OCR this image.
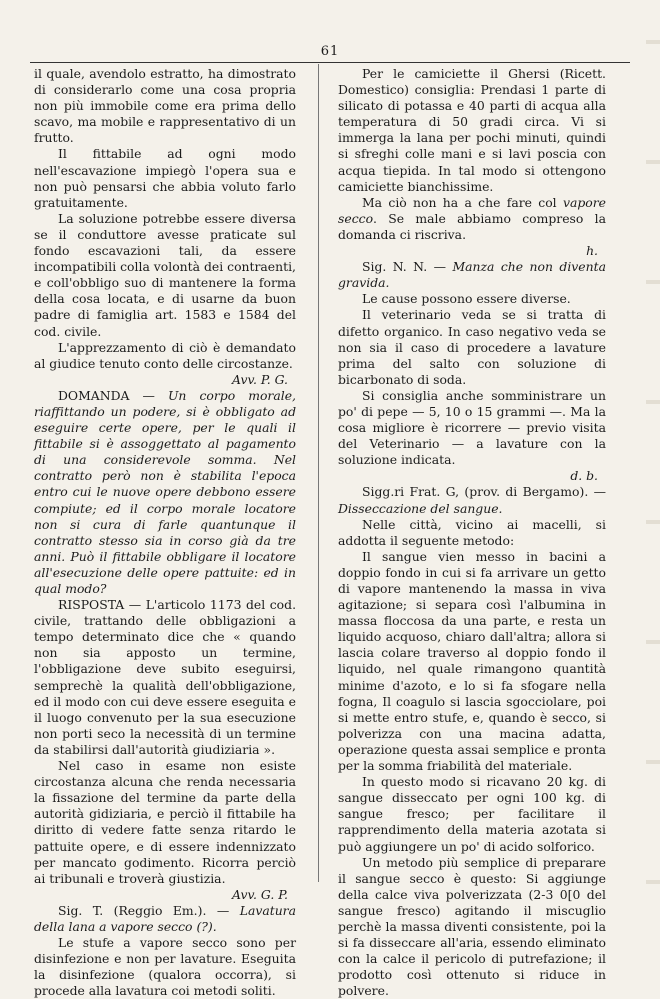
61

il quale, avendolo estratto, ha dimostrato di considerarlo come una cosa propria non più immobile come era prima dello scavo, ma mobile e rappresentativo di un frutto.

Il fittabile ad ogni modo nell'escavazione impiegò l'opera sua e non può pensarsi che abbia voluto farlo gratuitamente.

La soluzione potrebbe essere diversa se il conduttore avesse praticate sul fondo escavazioni tali, da essere incompatibili colla volontà dei contraenti, e coll'obbligo suo di mantenere la forma della cosa locata, e di usarne da buon padre di famiglia art. 1583 e 1584 del cod. civile.

L'apprezzamento di ciò è demandato al giudice tenuto conto delle circostanze.

Avv. P. G.

DOMANDA — Un corpo morale, riaffittando un podere, si è obbligato ad eseguire certe opere, per le quali il fittabile si è assoggettato al pagamento di una considerevole somma. Nel contratto però non è stabilita l'epoca entro cui le nuove opere debbono essere compiute; ed il corpo morale locatore non si cura di farle quantunque il contratto stesso sia in corso già da tre anni. Può il fittabile obbligare il locatore all'esecuzione delle opere pattuite: ed in qual modo?

RISPOSTA — L'articolo 1173 del cod. civile, trattando delle obbligazioni a tempo determinato dice che « quando non sia apposto un termine, l'obbligazione deve subito eseguirsi, semprechè la qualità dell'obbligazione, ed il modo con cui deve essere eseguita e il luogo convenuto per la sua esecuzione non porti seco la necessità di un termine da stabilirsi dall'autorità giudiziaria ».

Nel caso in esame non esiste circostanza alcuna che renda necessaria la fissazione del termine da parte della autorità gidiziaria, e perciò il fittabile ha diritto di vedere fatte senza ritardo le pattuite opere, e di essere indennizzato per mancato godimento. Ricorra perciò ai tribunali e troverà giustizia.

Avv. G. P.

Sig. T. (Reggio Em.). — Lavatura della lana a vapore secco (?).

Le stufe a vapore secco sono per disinfezione e non per lavature. Eseguita la disinfezione (qualora occorra), si procede alla lavatura coi metodi soliti.

Per le camiciette il Ghersi (Ricett. Domestico) consiglia: Prendasi 1 parte di silicato di potassa e 40 parti di acqua alla temperatura di 50 gradi circa. Vi si immerga la lana per pochi minuti, quindi si sfreghi colle mani e si lavi poscia con acqua tiepida. In tal modo si ottengono camiciette bianchissime.

Ma ciò non ha a che fare col vapore secco. Se male abbiamo compreso la domanda ci riscriva.

h.

Sig. N. N. — Manza che non diventa gravida.

Le cause possono essere diverse.

Il veterinario veda se si tratta di difetto organico. In caso negativo veda se non sia il caso di procedere a lavature prima del salto con soluzione di bicarbonato di soda.

Si consiglia anche somministrare un po' di pepe — 5, 10 o 15 grammi —. Ma la cosa migliore è ricorrere — previo visita del Veterinario — a lavature con la soluzione indicata.

d. b.

Sigg.ri Frat. G, (prov. di Bergamo). — Disseccazione del sangue.

Nelle città, vicino ai macelli, si addotta il seguente metodo:

Il sangue vien messo in bacini a doppio fondo in cui si fa arrivare un getto di vapore mantenendo la massa in viva agitazione; si separa così l'albumina in massa floccosa da una parte, e resta un liquido acquoso, chiaro dall'altra; allora si lascia colare traverso al doppio fondo il liquido, nel quale rimangono quantità minime d'azoto, e lo si fa sfogare nella fogna, Il coagulo si lascia sgocciolare, poi si mette entro stufe, e, quando è secco, si polverizza con una macina adatta, operazione questa assai semplice e pronta per la somma friabilità del materiale.

In questo modo si ricavano 20 kg. di sangue disseccato per ogni 100 kg. di sangue fresco; per facilitare il rapprendimento della materia azotata si può aggiungere un po' di acido solforico.

Un metodo più semplice di preparare il sangue secco è questo: Si aggiunge della calce viva polverizzata (2-3 0[0 del sangue fresco) agitando il miscuglio perchè la massa diventi consistente, poi la si fa disseccare all'aria, essendo eliminato con la calce il pericolo di putrefazione; il prodotto così ottenuto si riduce in polvere.
